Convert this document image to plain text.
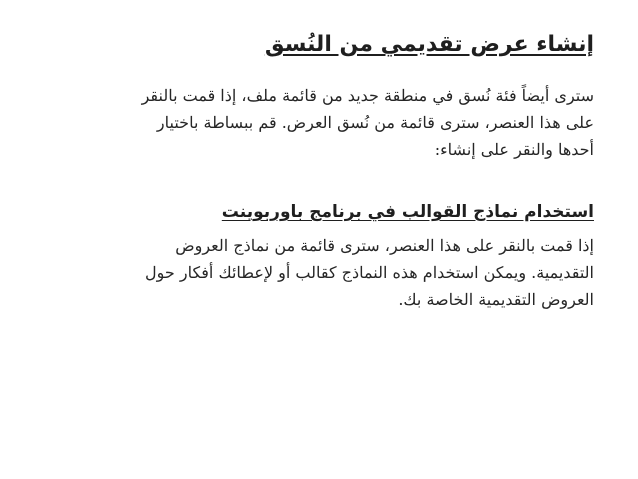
إنشاء عرض تقديمي من النُسق
سترى أيضاً فئة نُسق في منطقة جديد من قائمة ملف، إذا قمت بالنقر
على هذا العنصر، سترى قائمة من نُسق العرض. قم ببساطة باختيار
أحدها والنقر على إنشاء:
استخدام نماذج القوالب في برنامج باوربوينت
إذا قمت بالنقر على هذا العنصر، سترى قائمة من نماذج العروض
التقديمية. ويمكن استخدام هذه النماذج كقالب أو لإعطائك أفكار حول
العروض التقديمية الخاصة بك.
